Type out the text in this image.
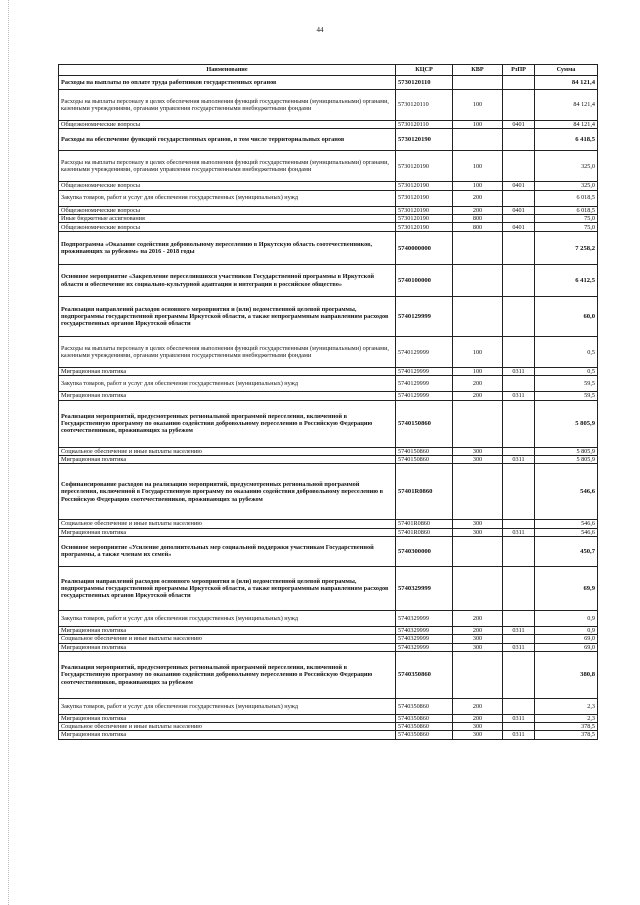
44
Наименование	КЦСР	КВР	РзПР	Сумма
Расходы на выплаты по оплате труда работников государственных органов	5730120110			84 121,4
Расходы на выплаты персоналу в целях обеспечения выполнения функций государственными (муниципальными) органами, казенными учреждениями, органами управления государственными внебюджетными фондами	5730120110	100		84 121,4
Общеэкономические вопросы	5730120110	100	0401	84 121,4
Расходы на обеспечение функций государственных органов, в том числе территориальных органов	5730120190			6 418,5
Расходы на выплаты персоналу в целях обеспечения выполнения функций государственными (муниципальными) органами, казенными учреждениями, органами управления государственными внебюджетными фондами	5730120190	100		325,0
Общеэкономические вопросы	5730120190	100	0401	325,0
Закупка товаров, работ и услуг для обеспечения государственных (муниципальных) нужд	5730120190	200		6 018,5
Общеэкономические вопросы	5730120190	200	0401	6 018,5
Иные бюджетные ассигнования	5730120190	800		75,0
Общеэкономические вопросы	5730120190	800	0401	75,0
Подпрограмма «Оказание содействия добровольному переселению в Иркутскую область соотечественников, проживающих за рубежом» на 2016 - 2018 годы	5740000000			7 258,2
Основное мероприятие «Закрепление переселившихся участников Государственной программы в Иркутской области и обеспечение их социально-культурной адаптации и интеграции в российское общество»	5740100000			6 412,5
Реализация направлений расходов основного мероприятия и (или) ведомственной целевой программы, подпрограммы государственной программы Иркутской области, а также непрограммным направлениям расходов государственных органов Иркутской области	5740129999			60,0
Расходы на выплаты персоналу в целях обеспечения выполнения функций государственными (муниципальными) органами, казенными учреждениями, органами управления государственными внебюджетными фондами	5740129999	100		0,5
Миграционная политика	5740129999	100	0311	0,5
Закупка товаров, работ и услуг для обеспечения государственных (муниципальных) нужд	5740129999	200		59,5
Миграционная политика	5740129999	200	0311	59,5
Реализация мероприятий, предусмотренных региональной программой переселения, включенной в Государственную программу по оказанию содействия добровольному переселению в Российскую Федерацию соотечественников, проживающих за рубежом	5740150860			5 805,9
Социальное обеспечение и иные выплаты населению	5740150860	300		5 805,9
Миграционная политика	5740150860	300	0311	5 805,9
Софинансирование расходов на реализацию мероприятий, предусмотренных региональной программой переселения, включенной в Государственную программу по оказанию содействия добровольному переселению в Российскую Федерацию соотечественников, проживающих за рубежом	57401R0860			546,6
Социальное обеспечение и иные выплаты населению	57401R0860	300		546,6
Миграционная политика	57401R0860	300	0311	546,6
Основное мероприятие «Усиление дополнительных мер социальной поддержки участникам Государственной программы, а также членам их семей»	5740300000			450,7
Реализация направлений расходов основного мероприятия и (или) ведомственной целевой программы, подпрограммы государственной программы Иркутской области, а также непрограммным направлениям расходов государственных органов Иркутской области	5740329999			69,9
Закупка товаров, работ и услуг для обеспечения государственных (муниципальных) нужд	5740329999	200		0,9
Миграционная политика	5740329999	200	0311	0,9
Социальное обеспечение и иные выплаты населению	5740329999	300		69,0
Миграционная политика	5740329999	300	0311	69,0
Реализация мероприятий, предусмотренных региональной программой переселения, включенной в Государственную программу по оказанию содействия добровольному переселению в Российскую Федерацию соотечественников, проживающих за рубежом	5740350860			380,8
Закупка товаров, работ и услуг для обеспечения государственных (муниципальных) нужд	5740350860	200		2,3
Миграционная политика	5740350860	200	0311	2,3
Социальное обеспечение и иные выплаты населению	5740350860	300		378,5
Миграционная политика	5740350860	300	0311	378,5
